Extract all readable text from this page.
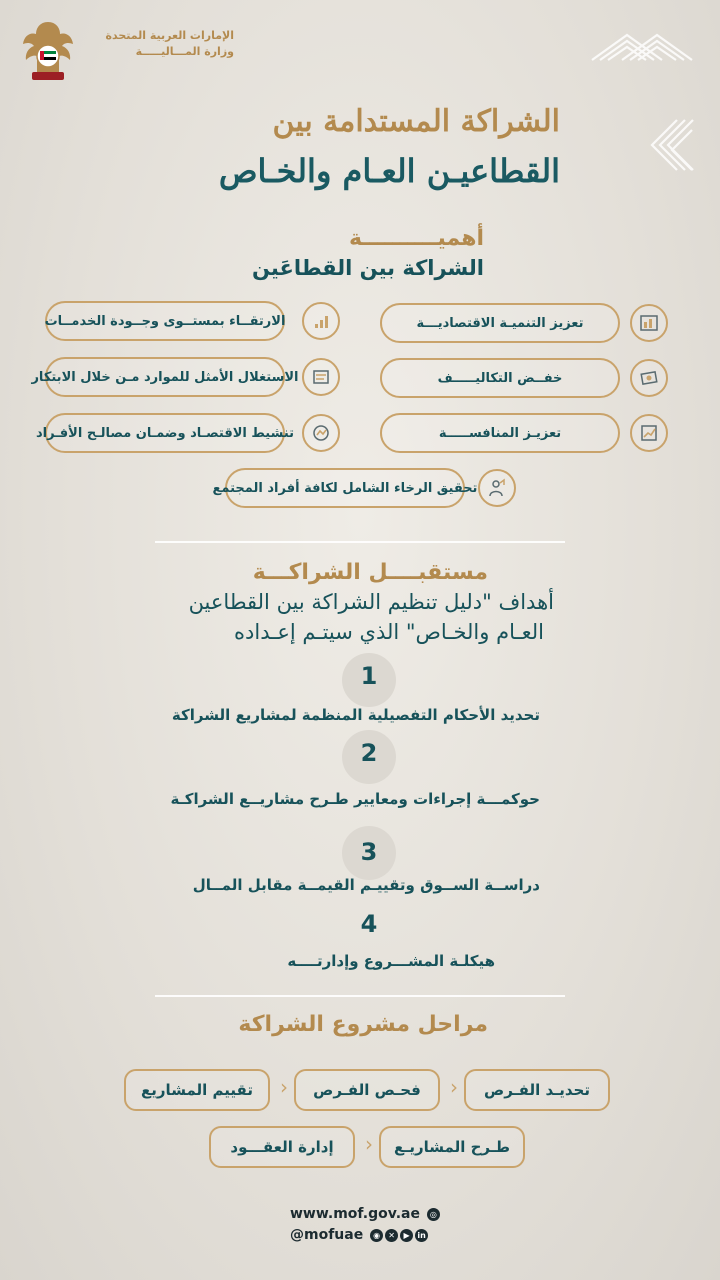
الإمارات العربية المتحدة
وزارة المـــاليـــــة
الشراكة المستدامة بين
القطاعيـن العـام والخـاص
أهميــــــــــة
الشراكة بين القطاعَين
تعزيز التنميـة الاقتصاديـــة
خفــض التكاليـــــف
تعزيـز المنافســـــة
الارتقــاء بمستــوى وجــودة الخدمــات
الاستغلال الأمثل للموارد مـن خلال الابتكار
تنشيط الاقتصـاد وضمـان مصالـح الأفـراد
تحقيق الرخاء الشامل لكافة أفراد المجتمع
مستقبــــل الشراكـــة
أهداف "دليل تنظيم الشراكة بين القطاعين
العـام والخـاص" الذي سيتـم إعـداده
1
تحديد الأحكام التفصيلية المنظمة لمشاريع الشراكة
2
حوكمـــة إجراءات ومعايير طـرح مشاريــع الشراكـة
3
دراســة الســوق وتقييـم القيمــة مقابل المــال
4
هيكلـة المشـــروع وإدارتــــه
مراحل مشروع الشراكة
تحديـد الفـرص
‹
فحـص الفـرص
‹
تقييم المشاريع
طـرح المشاريـع
‹
إدارة العقـــود
www.mof.gov.ae ◎
@mofuae ◉ ✕ ▶ in
